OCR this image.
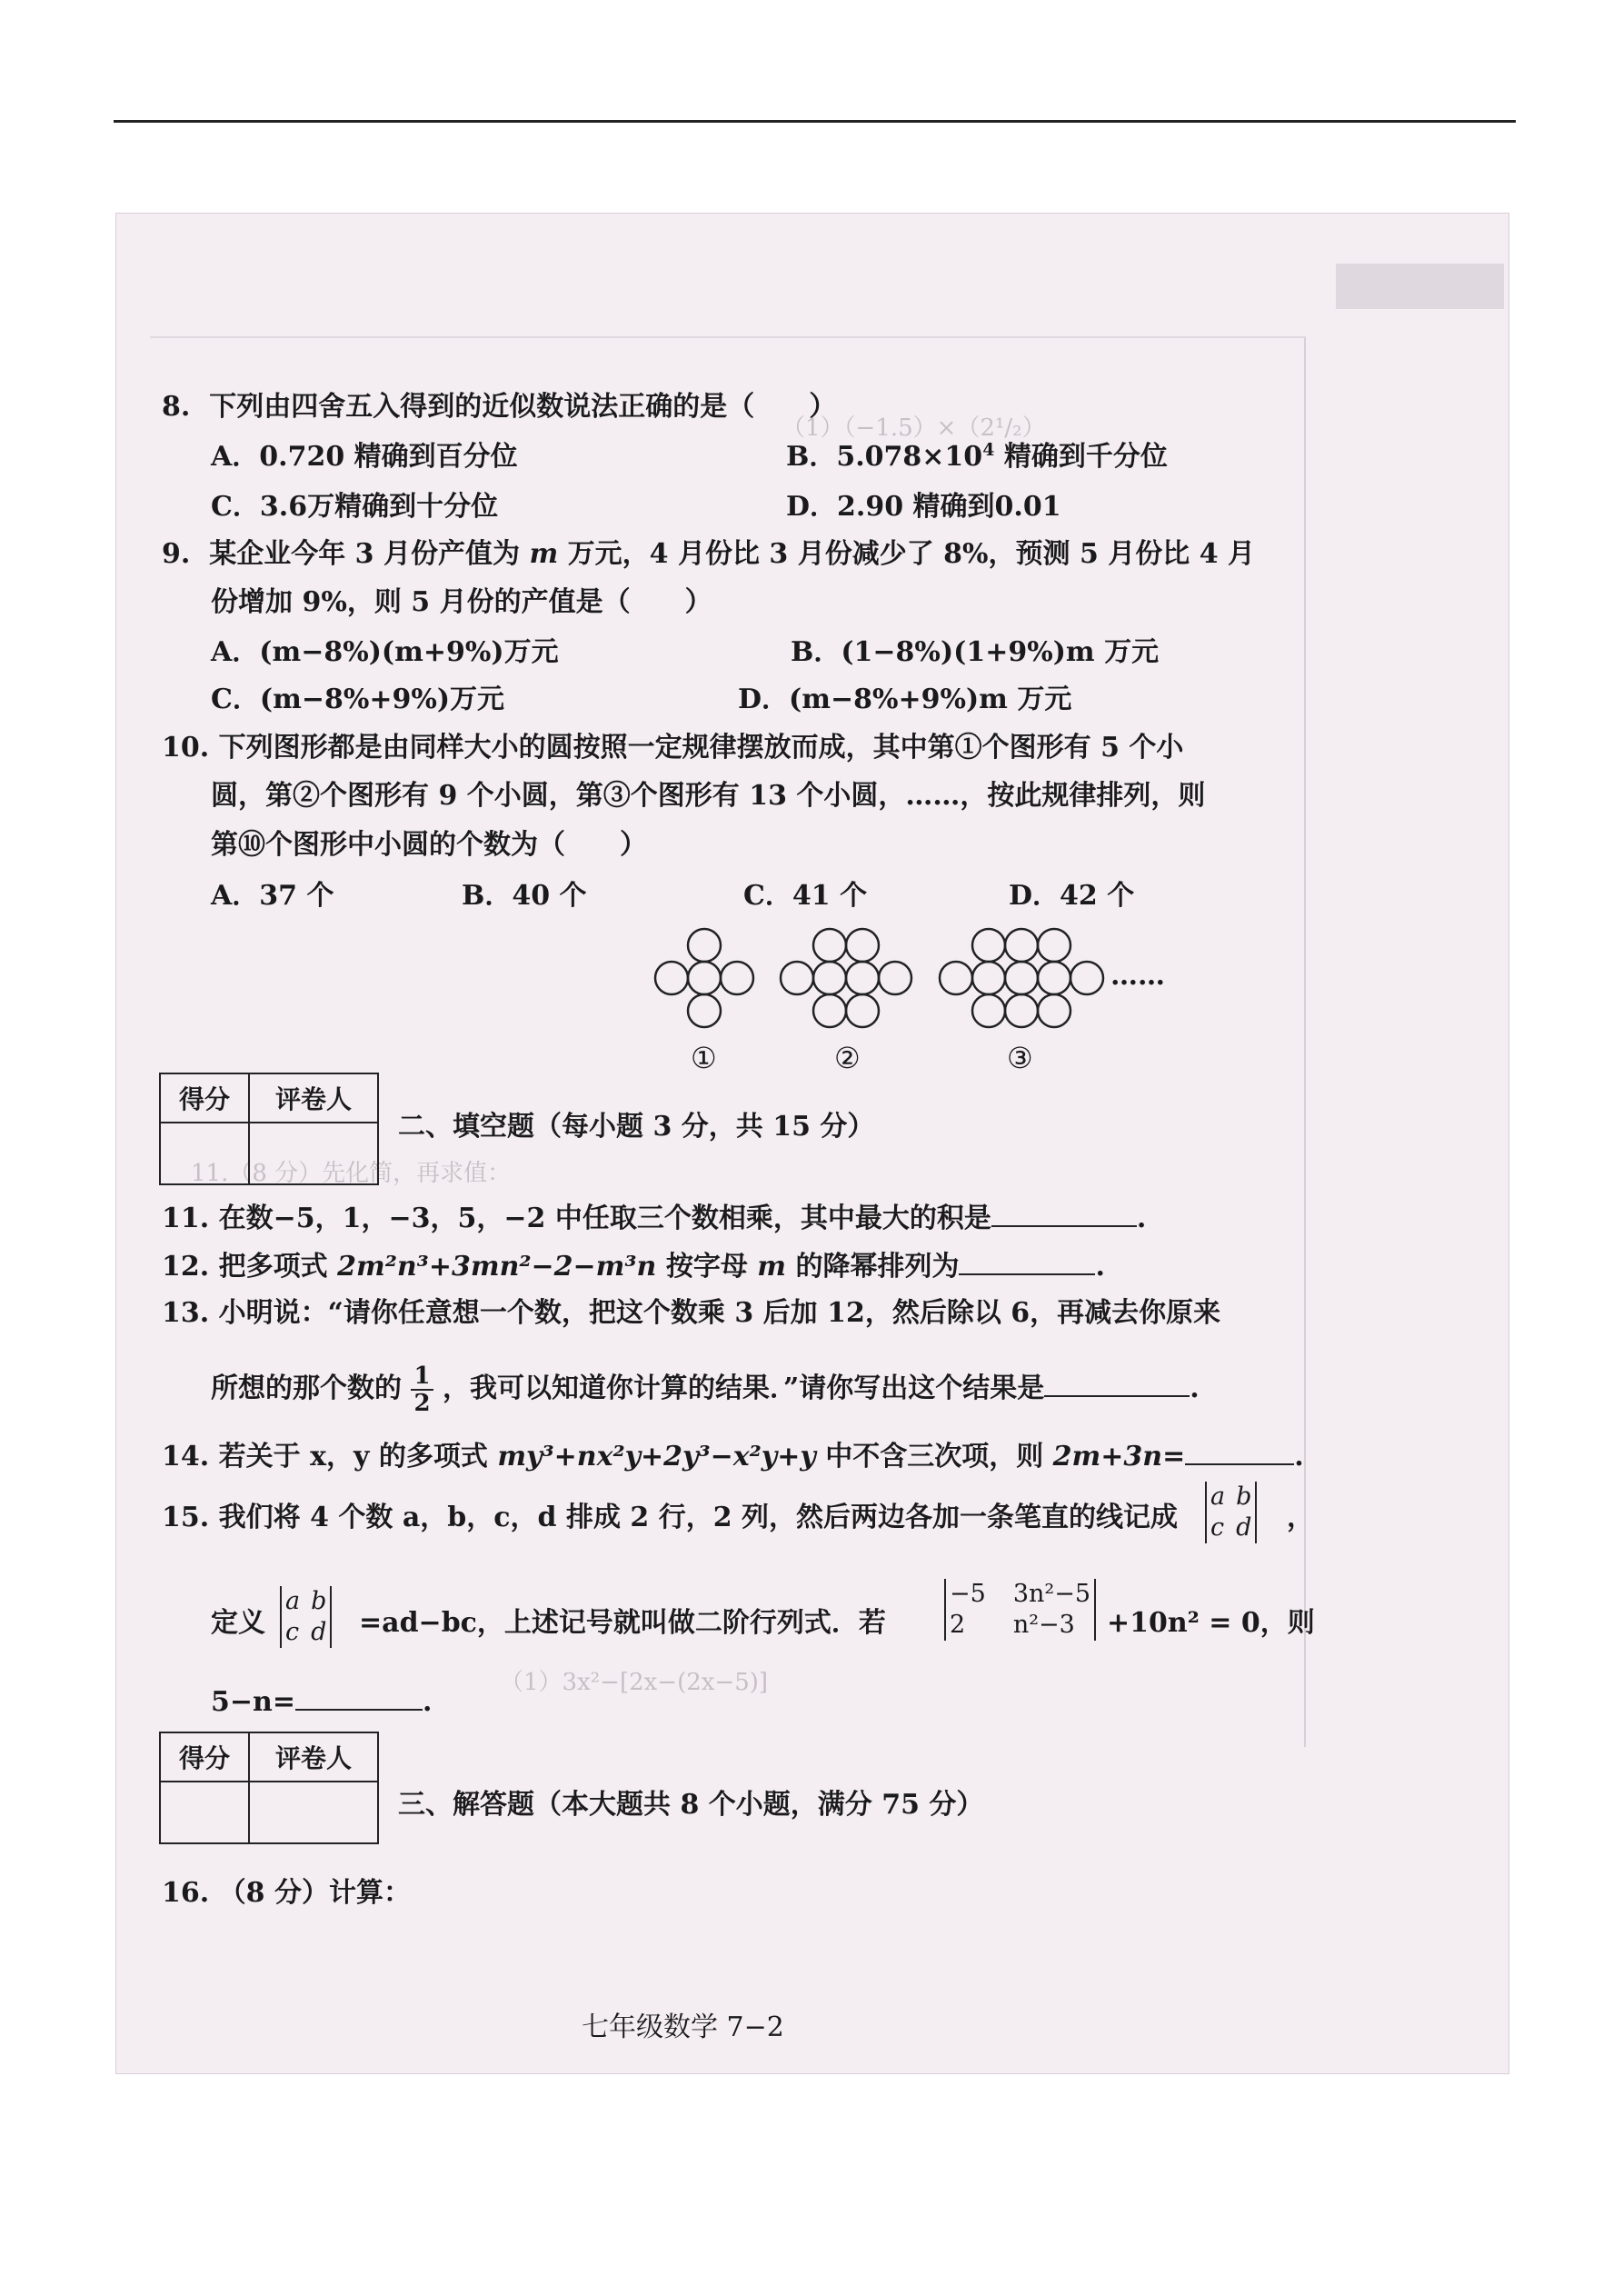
（1）（−1.5）×（2¹/₂）
11.（8 分）先化简，再求值：
（1）3x²−[2x−(2x−5)]
8. 下列由四舍五入得到的近似数说法正确的是（　　）
A．0.720 精确到百分位	B．$5.078\times 10^4$ 精确到千分位
C．3.6万精确到十分位	D．2.90 精确到0.01
9. 某企业今年 3 月份产值为 m 万元，4 月份比 3 月份减少了 8%，预测 5 月份比 4 月
份增加 9%，则 5 月份的产值是（　　）
A．(m−8%)(m+9%)万元	B．(1−8%)(1+9%)m 万元
C．(m−8%+9%)万元	D．(m−8%+9%)m 万元
10. 下列图形都是由同样大小的圆按照一定规律摆放而成，其中第①个图形有 5 个小
圆，第②个图形有 9 个小圆，第③个图形有 13 个小圆，……，按此规律排列，则
第⑩个图形中小圆的个数为（　　）
A．37 个	B．40 个	C．41 个	D．42 个
……
①	②	③
得分	评卷人

二、填空题（每小题 3 分，共 15 分）
11. 在数−5，1，−3，5，−2 中任取三个数相乘，其中最大的积是	.
12. 把多项式 2m²n³+3mn²−2−m³n 按字母 m 的降幂排列为	.
13. 小明说：“请你任意想一个数，把这个数乘 3 后加 12，然后除以 6，再减去你原来
所想的那个数的 $\frac{1}{2}$ ，我可以知道你计算的结果．”请你写出这个结果是	.
14. 若关于 x，y 的多项式 my³+nx²y+2y³−x²y+y 中不含三次项，则 2m+3n=	.
15. 我们将 4 个数 a，b，c，d 排成 2 行，2 列，然后两边各加一条笔直的线记成
a b
c d ，
定义
a b
c d =ad−bc，上述记号就叫做二阶行列式．若
−5 3n²−5
2	n²−3	+10n² = 0，则
5−n=	.
得分	评卷人

三、解答题（本大题共 8 个小题，满分 75 分）
16. （8 分）计算：
七年级数学 7−2
